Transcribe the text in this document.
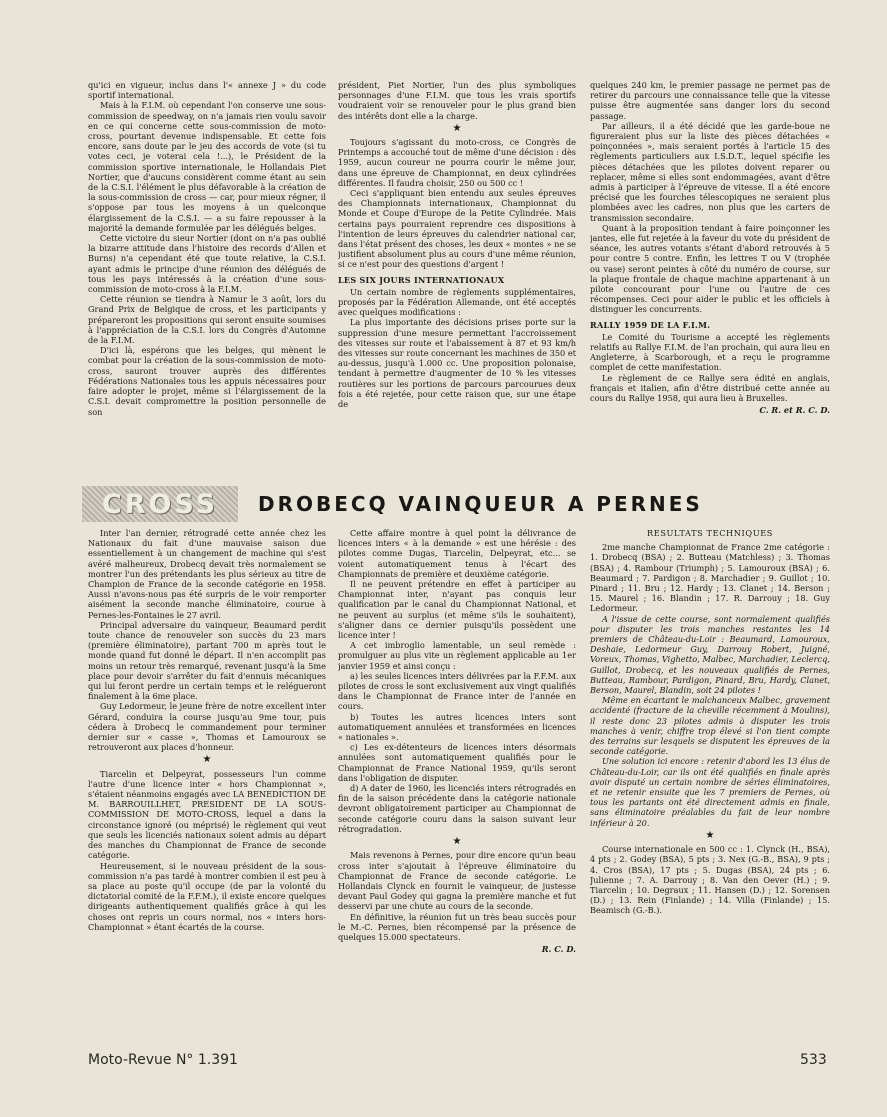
qu'ici en vigueur, inclus dans l'« annexe J » du code sportif international.

Mais à la F.I.M. où cependant l'on conserve une sous-commission de speedway, on n'a jamais rien voulu savoir en ce qui concerne cette sous-commission de moto-cross, pourtant devenue indispensable. Et cette fois encore, sans doute par le jeu des accords de vote (si tu votes ceci, je voterai cela !...), le Président de la commission sportive internationale, le Hollandais Piet Nortier, que d'aucuns considèrent comme étant au sein de la C.S.I. l'élément le plus défavorable à la création de la sous-commission de cross — car, pour mieux régner, il s'oppose par tous les moyens à un quelconque élargissement de la C.S.I. — a su faire repousser à la majorité la demande formulée par les délégués belges.

Cette victoire du sieur Nortier (dont on n'a pas oublié la bizarre attitude dans l'histoire des records d'Allen et Burns) n'a cependant été que toute relative, la C.S.I. ayant admis le principe d'une réunion des délégués de tous les pays intéressés à la création d'une sous-commission de moto-cross à la F.I.M.

Cette réunion se tiendra à Namur le 3 août, lors du Grand Prix de Belgique de cross, et les participants y prépareront les propositions qui seront ensuite soumises à l'appréciation de la C.S.I. lors du Congrès d'Automne de la F.I.M.

D'ici là, espérons que les belges, qui mènent le combat pour la création de la sous-commission de moto-cross, sauront trouver auprès des différentes Fédérations Nationales tous les appuis nécessaires pour faire adopter le projet, même si l'élargissement de la C.S.I. devait compromettre la position personnelle de son

président, Piet Nortier, l'un des plus symboliques personnages d'une F.I.M. que tous les vrais sportifs voudraient voir se renouveler pour le plus grand bien des intérêts dont elle a la charge.

★

Toujours s'agissant du moto-cross, ce Congrès de Printemps a accouché tout de même d'une décision : dès 1959, aucun coureur ne pourra courir le même jour, dans une épreuve de Championnat, en deux cylindrées différentes. Il faudra choisir, 250 ou 500 cc !

Ceci s'appliquant bien entendu aux seules épreuves des Championnats internationaux, Championnat du Monde et Coupe d'Europe de la Petite Cylindrée. Mais certains pays pourraient reprendre ces dispositions à l'intention de leurs épreuves du calendrier national car, dans l'état présent des choses, les deux « montes » ne se justifient absolument plus au cours d'une même réunion, si ce n'est pour des questions d'argent !

LES SIX JOURS INTERNATIONAUX

Un certain nombre de règlements supplémentaires, proposés par la Fédération Allemande, ont été acceptés avec quelques modifications :

La plus importante des décisions prises porte sur la suppression d'une mesure permettant l'accroissement des vitesses sur route et l'abaissement à 87 et 93 km/h des vitesses sur route concernant les machines de 350 et au-dessus, jusqu'à 1.000 cc. Une proposition polonaise, tendant à permettre d'augmenter de 10 % les vitesses routières sur les portions de parcours parcourues deux fois a été rejetée, pour cette raison que, sur une étape de

quelques 240 km, le premier passage ne permet pas de retirer du parcours une connaissance telle que la vitesse puisse être augmentée sans danger lors du second passage.

Par ailleurs, il a été décidé que les garde-boue ne figureraient plus sur la liste des pièces détachées « poinçonnées », mais seraient portés à l'article 15 des règlements particuliers aux I.S.D.T., lequel spécifie les pièces détachées que les pilotes doivent reparer ou replacer, même si elles sont endommagées, avant d'être admis à participer à l'épreuve de vitesse. Il a été encore précisé que les fourches télescopiques ne seraient plus plombées avec les cadres, non plus que les carters de transmission secondaire.

Quant à la proposition tendant à faire poinçonner les jantes, elle fut rejetée à la faveur du vote du président de séance, les autres votants s'étant d'abord retrouvés à 5 pour contre 5 contre. Enfin, les lettres T ou V (trophée ou vase) seront peintes à côté du numéro de course, sur la plaque frontale de chaque machine appartenant à un pilote concourant pour l'une ou l'autre de ces récompenses. Ceci pour aider le public et les officiels à distinguer les concurrents.

RALLY 1959 DE LA F.I.M.

Le Comité du Tourisme a accepté les règlements relatifs au Rallye F.I.M. de l'an prochain, qui aura lieu en Angleterre, à Scarborough, et a reçu le programme complet de cette manifestation.

Le règlement de ce Rallye sera édité en anglais, français et italien, afin d'être distribué cette année au cours du Rallye 1958, qui aura lieu à Bruxelles.

C. R. et R. C. D.

CROSS	DROBECQ VAINQUEUR A PERNES

Inter l'an dernier, rétrogradé cette année chez les Nationaux du fait d'une mauvaise saison due essentiellement à un changement de machine qui s'est avéré malheureux, Drobecq devait très normalement se montrer l'un des prétendants les plus sérieux au titre de Champion de France de la seconde catégorie en 1958. Aussi n'avons-nous pas été surpris de le voir remporter aisément la seconde manche éliminatoire, courue à Pernes-les-Fontaines le 27 avril.

Principal adversaire du vainqueur, Beaumard perdit toute chance de renouveler son succès du 23 mars (première éliminatoire), partant 700 m après tout le monde quand fut donné le départ. Il n'en accomplit pas moins un retour très remarqué, revenant jusqu'à la 5me place pour devoir s'arrêter du fait d'ennuis mécaniques qui lui feront perdre un certain temps et le relégueront finalement à la 6me place.

Guy Ledormeur, le jeune frère de notre excellent inter Gérard, conduira la course jusqu'au 9me tour, puis cédera à Drobecq le commandement pour terminer dernier sur « casse », Thomas et Lamouroux se retrouveront aux places d'honneur.

★

Tiarcelin et Delpeyrat, possesseurs l'un comme l'autre d'une licence inter « hors Championnat », s'étaient néanmoins engagés avec LA BENEDICTION DE M. BARROUILLHET, PRESIDENT DE LA SOUS-COMMISSION DE MOTO-CROSS, lequel a dans la circonstance ignoré (ou méprisé) le règlement qui veut que seuls les licenciés nationaux soient admis au départ des manches du Championnat de France de seconde catégorie.

Heureusement, si le nouveau président de la sous-commission n'a pas tardé à montrer combien il est peu à sa place au poste qu'il occupe (de par la volonté du dictatorial comité de la F.F.M.), il existe encore quelques dirigeants authentiquement qualifiés grâce à qui les choses ont repris un cours normal, nos « inters hors-Championnat » étant écartés de la course.

Cette affaire montre à quel point la délivrance de licences inters « à la demande » est une hérésie : des pilotes comme Dugas, Tiarcelin, Delpeyrat, etc... se voient automatiquement tenus à l'écart des Championnats de première et deuxième catégorie.

Il ne peuvent prétendre en effet à participer au Championnat inter, n'ayant pas conquis leur qualification par le canal du Championnat National, et ne peuvent au surplus (et même s'ils le souhaitent), s'aligner dans ce dernier puisqu'ils possèdent une licence inter !

A cet imbroglio lamentable, un seul remède : promulguer au plus vite un règlement applicable au 1er janvier 1959 et ainsi conçu :

a) les seules licences inters délivrées par la F.F.M. aux pilotes de cross le sont exclusivement aux vingt qualifiés dans le Championnat de France inter de l'année en cours.

b) Toutes les autres licences inters sont automatiquement annulées et transformées en licences « nationales ».

c) Les ex-détenteurs de licences inters désormais annulées sont automatiquement qualifiés pour le Championnat de France National 1959, qu'ils seront dans l'obligation de disputer.

d) A dater de 1960, les licenciés inters rétrogradés en fin de la saison précédente dans la catégorie nationale devront obligatoirement participer au Championnat de seconde catégorie couru dans la saison suivant leur rétrogradation.

★

Mais revenons à Pernes, pour dire encore qu'un beau cross inter s'ajoutait à l'épreuve éliminatoire du Championnat de France de seconde catégorie. Le Hollandais Clynck en fournit le vainqueur, de justesse devant Paul Godey qui gagna la première manche et fut desservi par une chute au cours de la seconde.

En définitive, la réunion fut un très beau succès pour le M.-C. Pernes, bien récompensé par la présence de quelques 15.000 spectateurs.

R. C. D.

RESULTATS TECHNIQUES

2me manche Championnat de France 2me catégorie : 1. Drobecq (BSA) ; 2. Butteau (Matchless) ; 3. Thomas (BSA) ; 4. Rambour (Triumph) ; 5. Lamouroux (BSA) ; 6. Beaumard ; 7. Pardigon ; 8. Marchadier ; 9. Guillot ; 10. Pinard ; 11. Bru ; 12. Hardy ; 13. Clanet ; 14. Berson ; 15. Maurel ; 16. Blandin ; 17. R. Darrouy ; 18. Guy Ledormeur.

A l'issue de cette course, sont normalement qualifiés pour disputer les trois manches restantes les 14 premiers de Château-du-Loir : Beaumard, Lamouroux, Deshaie, Ledormeur Guy, Darrouy Robert, Juigné, Voreux, Thomas, Vighetto, Malbec, Marchadier, Leclercq, Guillot, Drobecq, et les nouveaux qualifiés de Pernes, Butteau, Rambour, Pardigon, Pinard, Bru, Hardy, Clanet, Berson, Maurel, Blandin, soit 24 pilotes !

Même en écartant le malchanceux Malbec, gravement accidenté (fracture de la cheville récemment à Moulins), il reste donc 23 pilotes admis à disputer les trois manches à venir, chiffre trop élevé si l'on tient compte des terrains sur lesquels se disputent les épreuves de la seconde catégorie.

Une solution ici encore : retenir d'abord les 13 élus de Château-du-Loir, car ils ont été qualifiés en finale après avoir disputé un certain nombre de séries éliminatoires, et ne retenir ensuite que les 7 premiers de Pernes, où tous les partants ont été directement admis en finale, sans éliminatoire préalables du fait de leur nombre inférieur à 20.

★

Course internationale en 500 cc : 1. Clynck (H., BSA), 4 pts ; 2. Godey (BSA), 5 pts ; 3. Nex (G.-B., BSA), 9 pts ; 4. Cros (BSA), 17 pts ; 5. Dugas (BSA), 24 pts ; 6. Julienne ; 7. A. Darrouy ; 8. Van den Oever (H.) ; 9. Tiarcelin ; 10. Degraux ; 11. Hansen (D.) ; 12. Sorensen (D.) ; 13. Rein (Finlande) ; 14. Villa (Finlande) ; 15. Beamisch (G.-B.).

Moto-Revue N° 1.391	533
